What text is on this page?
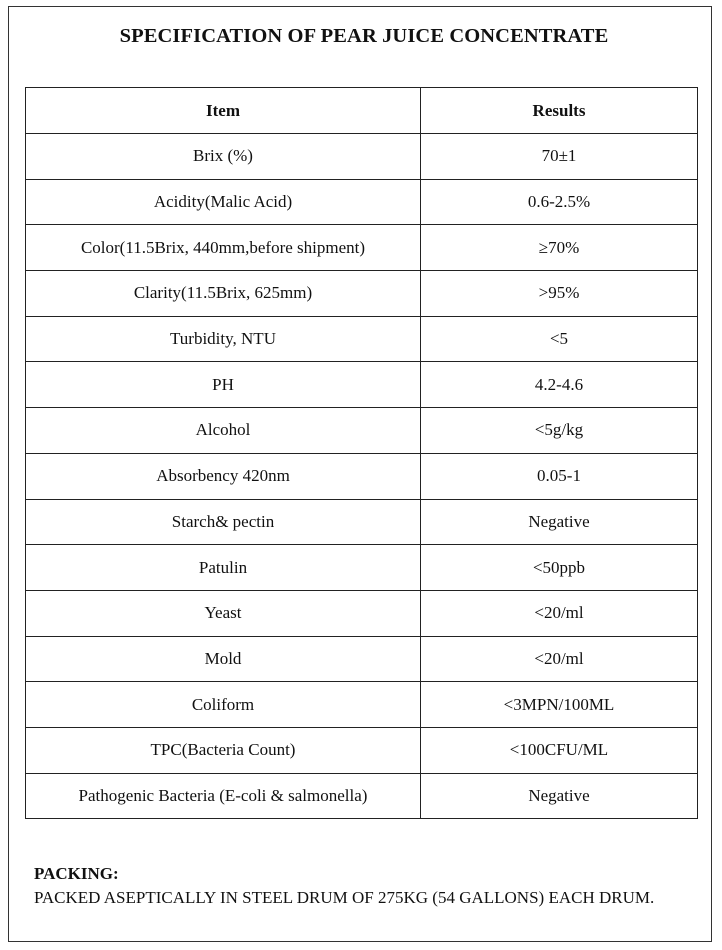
SPECIFICATION OF PEAR JUICE CONCENTRATE
Item	Results
Brix (%)	70±1
Acidity(Malic Acid)	0.6-2.5%
Color(11.5Brix, 440mm,before shipment)	≥70%
Clarity(11.5Brix, 625mm)	>95%
Turbidity, NTU	<5
PH	4.2-4.6
Alcohol	<5g/kg
Absorbency 420nm	0.05-1
Starch& pectin	Negative
Patulin	<50ppb
Yeast	<20/ml
Mold	<20/ml
Coliform	<3MPN/100ML
TPC(Bacteria Count)	<100CFU/ML
Pathogenic Bacteria (E-coli & salmonella)	Negative
PACKING:
PACKED ASEPTICALLY IN STEEL DRUM OF 275KG (54 GALLONS) EACH DRUM.
